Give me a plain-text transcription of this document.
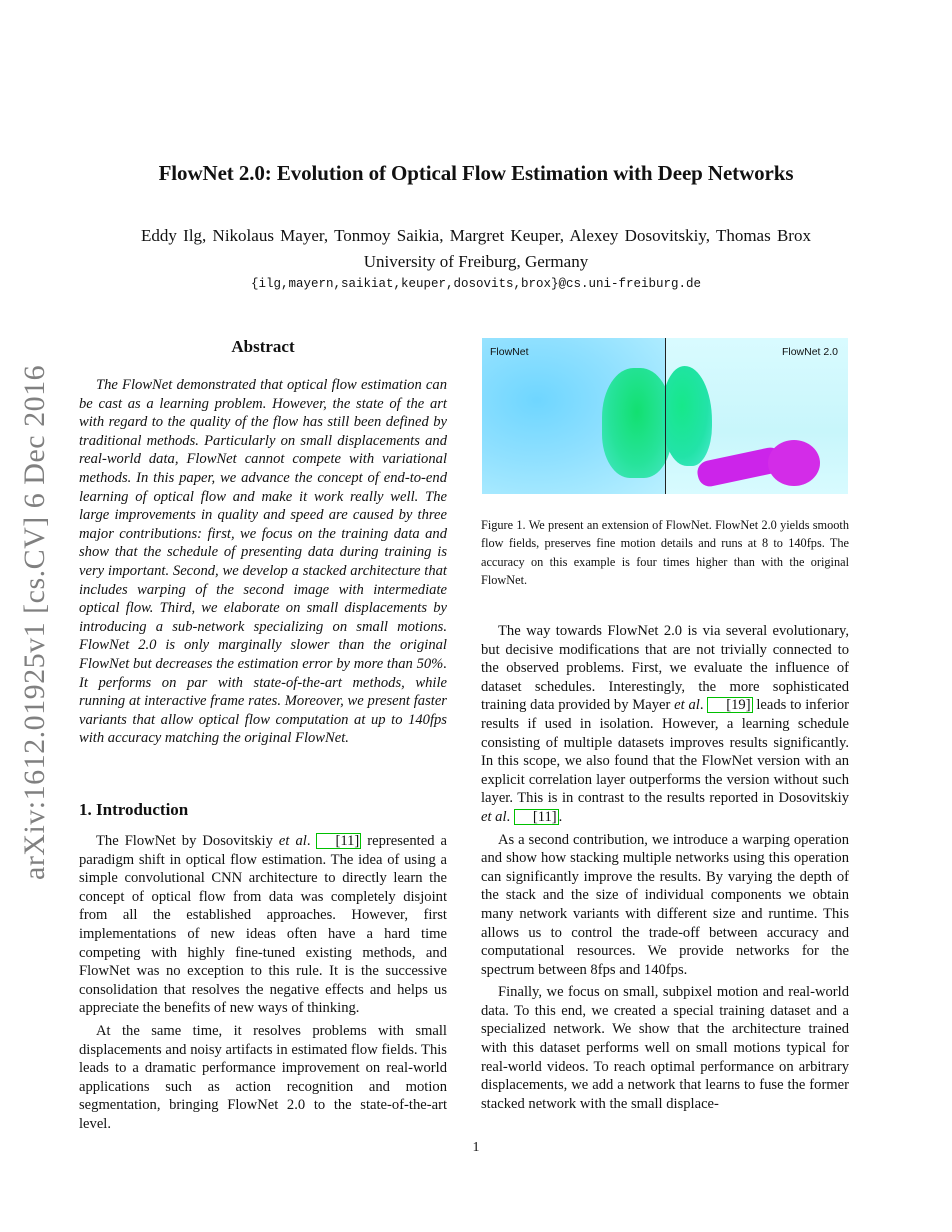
arXiv:1612.01925v1 [cs.CV] 6 Dec 2016
FlowNet 2.0: Evolution of Optical Flow Estimation with Deep Networks
Eddy Ilg, Nikolaus Mayer, Tonmoy Saikia, Margret Keuper, Alexey Dosovitskiy, Thomas Brox
University of Freiburg, Germany
{ilg,mayern,saikiat,keuper,dosovits,brox}@cs.uni-freiburg.de
Abstract
The FlowNet demonstrated that optical flow estimation can be cast as a learning problem. However, the state of the art with regard to the quality of the flow has still been defined by traditional methods. Particularly on small displacements and real-world data, FlowNet cannot compete with variational methods. In this paper, we advance the concept of end-to-end learning of optical flow and make it work really well. The large improvements in quality and speed are caused by three major contributions: first, we focus on the training data and show that the schedule of presenting data during training is very important. Second, we develop a stacked architecture that includes warping of the second image with intermediate optical flow. Third, we elaborate on small displacements by introducing a sub-network specializing on small motions. FlowNet 2.0 is only marginally slower than the original FlowNet but decreases the estimation error by more than 50%. It performs on par with state-of-the-art methods, while running at interactive frame rates. Moreover, we present faster variants that allow optical flow computation at up to 140fps with accuracy matching the original FlowNet.
1. Introduction

The FlowNet by Dosovitskiy et al. [11] represented a paradigm shift in optical flow estimation. The idea of using a simple convolutional CNN architecture to directly learn the concept of optical flow from data was completely disjoint from all the established approaches. However, first implementations of new ideas often have a hard time competing with highly fine-tuned existing methods, and FlowNet was no exception to this rule. It is the successive consolidation that resolves the negative effects and helps us appreciate the benefits of new ways of thinking.

At the same time, it resolves problems with small displacements and noisy artifacts in estimated flow fields. This leads to a dramatic performance improvement on real-world applications such as action recognition and motion segmentation, bringing FlowNet 2.0 to the state-of-the-art level.

FlowNet	FlowNet 2.0
Figure 1. We present an extension of FlowNet. FlowNet 2.0 yields smooth flow fields, preserves fine motion details and runs at 8 to 140fps. The accuracy on this example is four times higher than with the original FlowNet.

The way towards FlowNet 2.0 is via several evolutionary, but decisive modifications that are not trivially connected to the observed problems. First, we evaluate the influence of dataset schedules. Interestingly, the more sophisticated training data provided by Mayer et al. [19] leads to inferior results if used in isolation. However, a learning schedule consisting of multiple datasets improves results significantly. In this scope, we also found that the FlowNet version with an explicit correlation layer outperforms the version without such layer. This is in contrast to the results reported in Dosovitskiy et al. [11] .

As a second contribution, we introduce a warping operation and show how stacking multiple networks using this operation can significantly improve the results. By varying the depth of the stack and the size of individual components we obtain many network variants with different size and runtime. This allows us to control the trade-off between accuracy and computational resources. We provide networks for the spectrum between 8fps and 140fps.

Finally, we focus on small, subpixel motion and real-world data. To this end, we created a special training dataset and a specialized network. We show that the architecture trained with this dataset performs well on small motions typical for real-world videos. To reach optimal performance on arbitrary displacements, we add a network that learns to fuse the former stacked network with the small displace-

1
